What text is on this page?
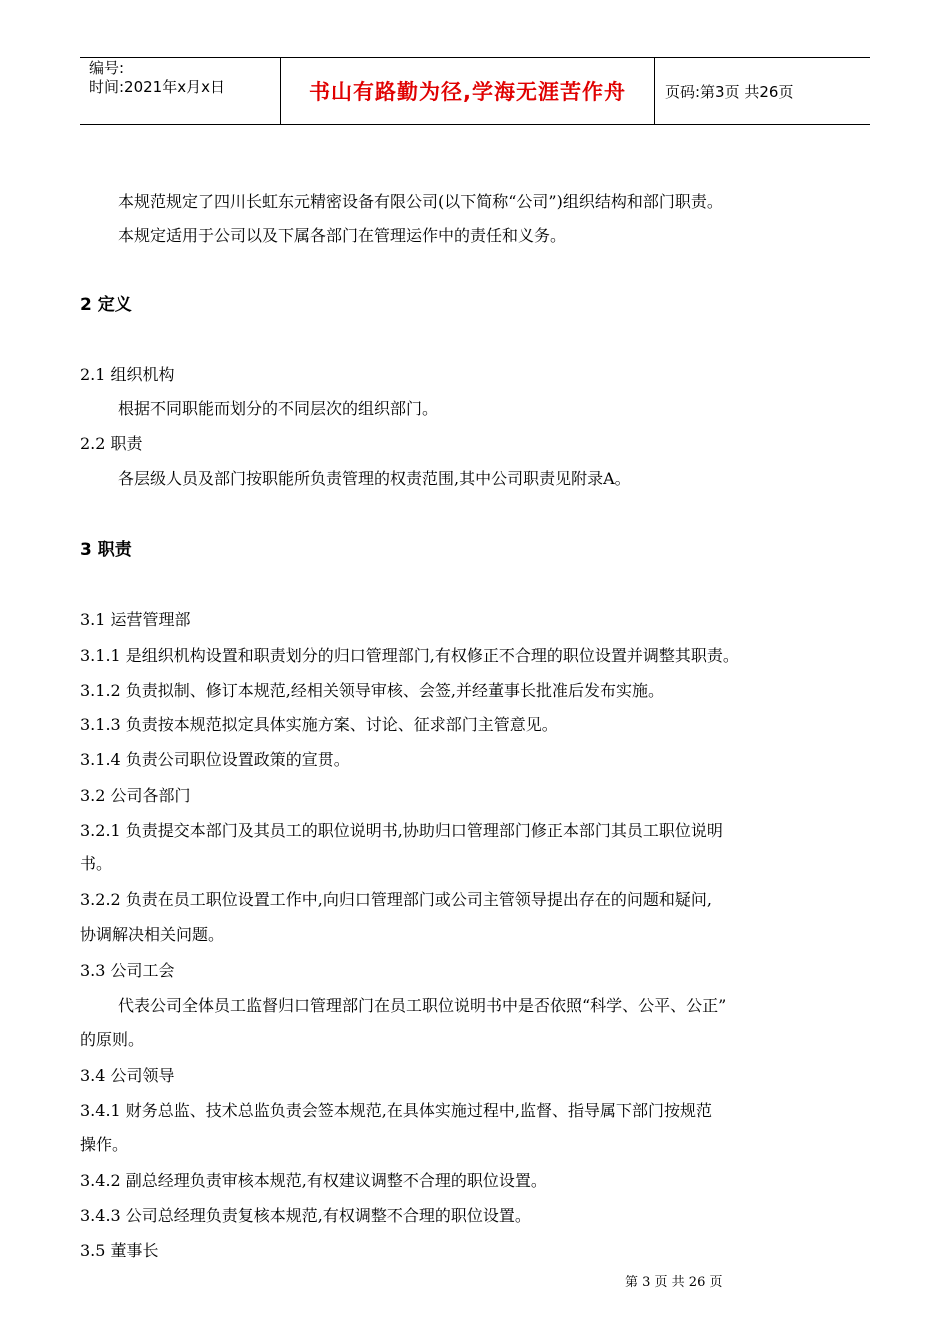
编号:
时间:2021年x月x日	书山有路勤为径,学海无涯苦作舟	页码:第3页 共26页
本规范规定了四川长虹东元精密设备有限公司(以下简称“公司”)组织结构和部门职责。
本规定适用于公司以及下属各部门在管理运作中的责任和义务。
2 定义
2.1 组织机构
根据不同职能而划分的不同层次的组织部门。
2.2 职责
各层级人员及部门按职能所负责管理的权责范围,其中公司职责见附录A。
3 职责
3.1 运营管理部
3.1.1 是组织机构设置和职责划分的归口管理部门,有权修正不合理的职位设置并调整其职责。
3.1.2 负责拟制、修订本规范,经相关领导审核、会签,并经董事长批准后发布实施。
3.1.3 负责按本规范拟定具体实施方案、讨论、征求部门主管意见。
3.1.4 负责公司职位设置政策的宣贯。
3.2 公司各部门
3.2.1 负责提交本部门及其员工的职位说明书,协助归口管理部门修正本部门其员工职位说明
书。
3.2.2 负责在员工职位设置工作中,向归口管理部门或公司主管领导提出存在的问题和疑问,
协调解决相关问题。
3.3 公司工会
代表公司全体员工监督归口管理部门在员工职位说明书中是否依照“科学、公平、公正”
的原则。
3.4 公司领导
3.4.1 财务总监、技术总监负责会签本规范,在具体实施过程中,监督、指导属下部门按规范
操作。
3.4.2 副总经理负责审核本规范,有权建议调整不合理的职位设置。
3.4.3 公司总经理负责复核本规范,有权调整不合理的职位设置。
3.5 董事长
第 3 页 共 26 页
